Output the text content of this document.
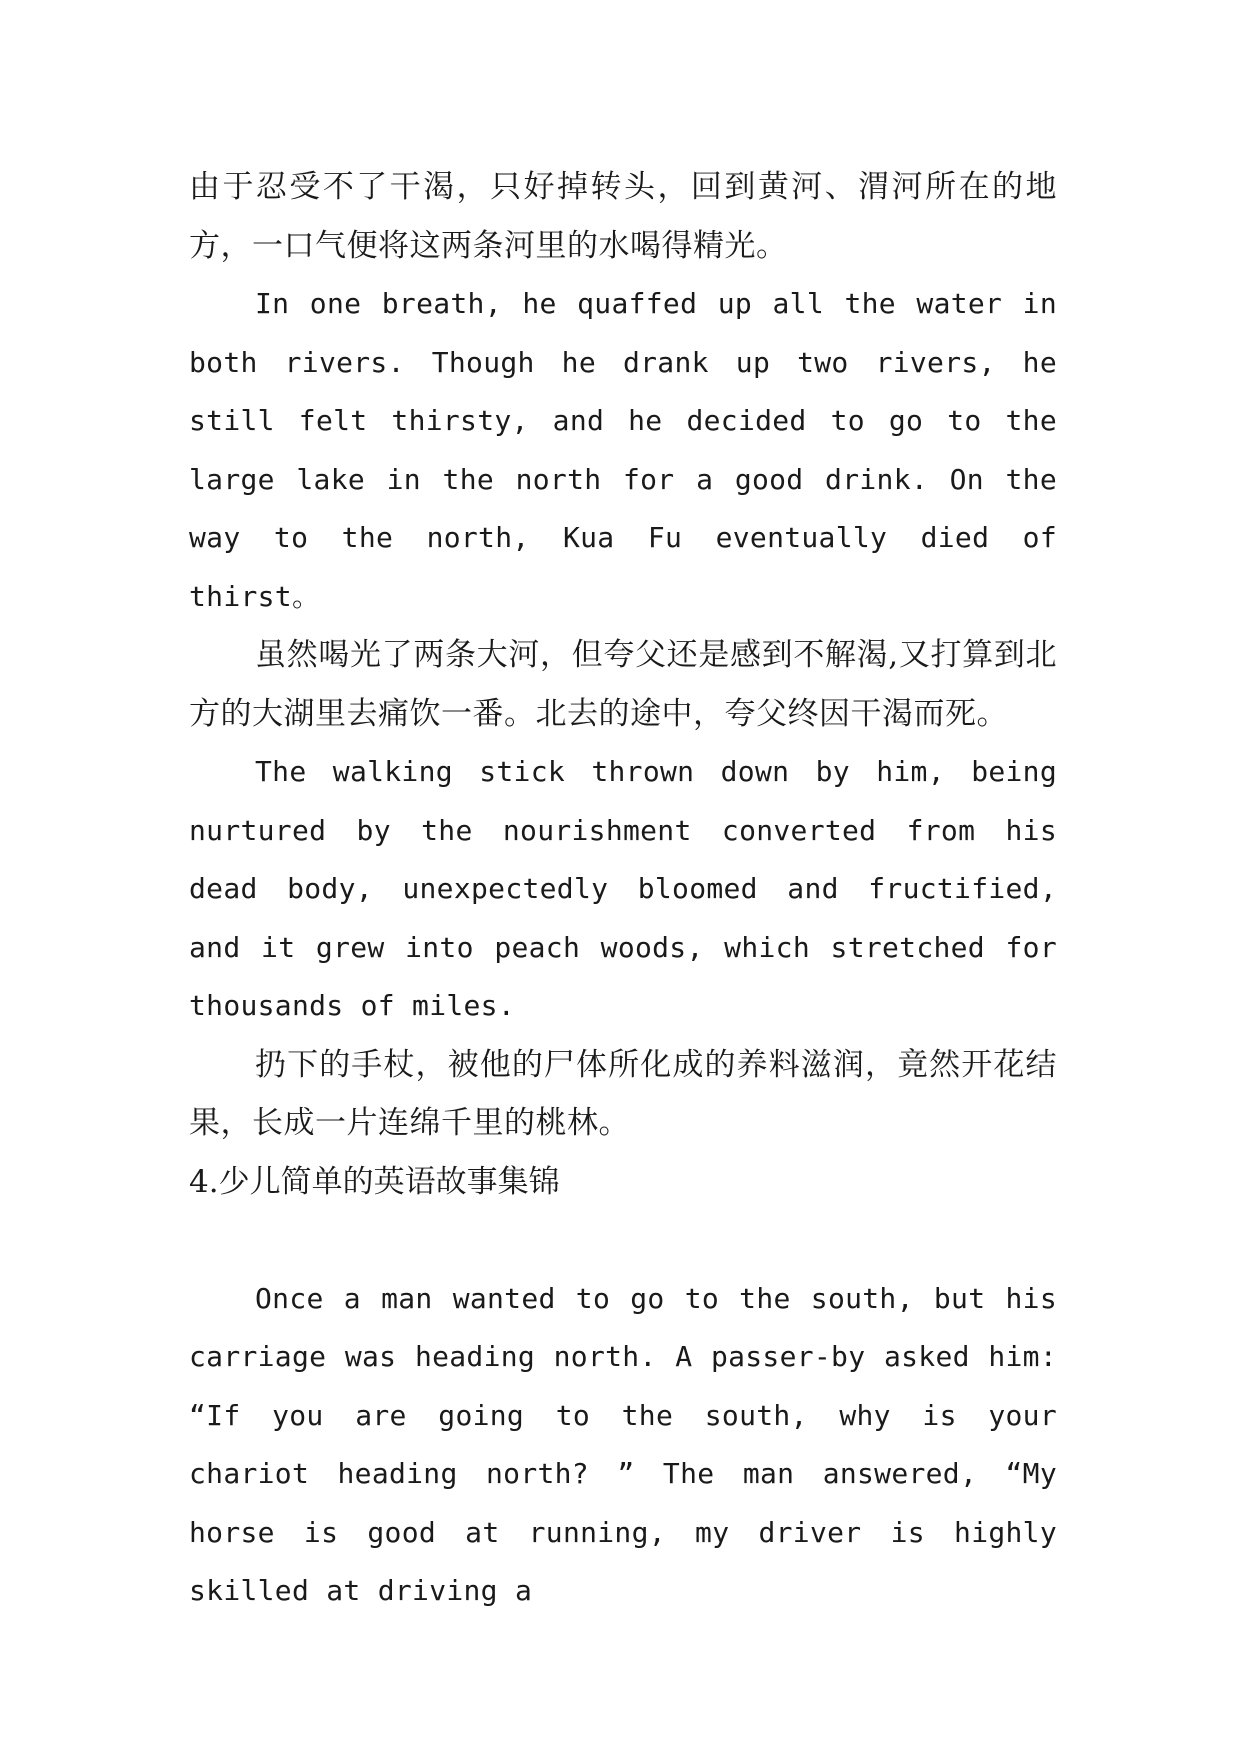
由于忍受不了干渴，只好掉转头，回到黄河、渭河所在的地方，一口气便将这两条河里的水喝得精光。

In one breath, he quaffed up all the water in both rivers. Though he drank up two rivers, he still felt thirsty, and he decided to go to the large lake in the north for a good drink. On the way to the north, Kua Fu eventually died of thirst。

虽然喝光了两条大河，但夸父还是感到不解渴,又打算到北方的大湖里去痛饮一番。北去的途中，夸父终因干渴而死。

The walking stick thrown down by him, being nurtured by the nourishment converted from his dead body, unexpectedly bloomed and fructified, and it grew into peach woods, which stretched for thousands of miles.

扔下的手杖，被他的尸体所化成的养料滋润，竟然开花结果，长成一片连绵千里的桃林。

4.少儿简单的英语故事集锦

Once a man wanted to go to the south, but his carriage was heading north. A passer-by asked him: “If you are going to the south, why is your chariot heading north? ” The man answered, “My horse is good at running, my driver is highly skilled at driving a
